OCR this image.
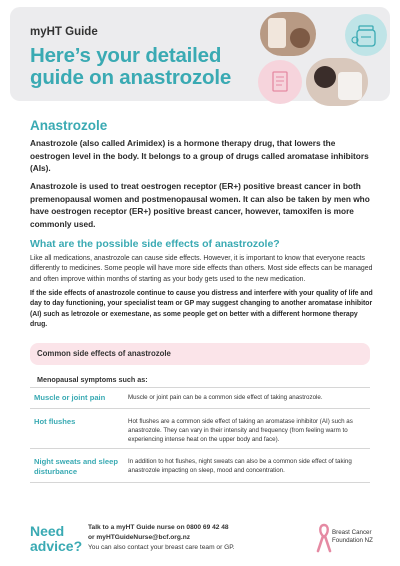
myHT Guide
Here’s your detailed
guide on anastrozole
Anastrozole
Anastrozole (also called Arimidex) is a hormone therapy drug, that lowers the oestrogen level in the body. It belongs to a group of drugs called aromatase inhibitors (AIs).
Anastrozole is used to treat oestrogen receptor (ER+) positive breast cancer in both premenopausal women and postmenopausal women. It can also be taken by men who have oestrogen receptor (ER+) positive breast cancer, however, tamoxifen is more commonly used.
What are the possible side effects of anastrozole?
Like all medications, anastrozole can cause side effects. However, it is important to know that everyone reacts differently to medicines. Some people will have more side effects than others. Most side effects can be managed and often improve within months of starting as your body gets used to the new medication.
If the side effects of anastrozole continue to cause you distress and interfere with your quality of life and day to day functioning, your specialist team or GP may suggest changing to another aromatase inhibitor (AI) such as letrozole or exemestane, as some people get on better with a different hormone therapy drug.
Common side effects of anastrozole
Menopausal symptoms such as:
Muscle or joint pain	Muscle or joint pain can be a common side effect of taking anastrozole.
Hot flushes	Hot flushes are a common side effect of taking an aromatase inhibitor (AI) such as anastrozole. They can vary in their intensity and frequency (from feeling warm to experiencing intense heat on the upper body and face).
Night sweats and sleep disturbance
In addition to hot flushes, night sweats can also be a common side effect of taking anastrozole impacting on sleep, mood and concentration.
Need advice?
Talk to a myHT Guide nurse on 0800 69 42 48
or myHTGuideNurse@bcf.org.nz
You can also contact your breast care team or GP.
Breast Cancer
Foundation NZ
